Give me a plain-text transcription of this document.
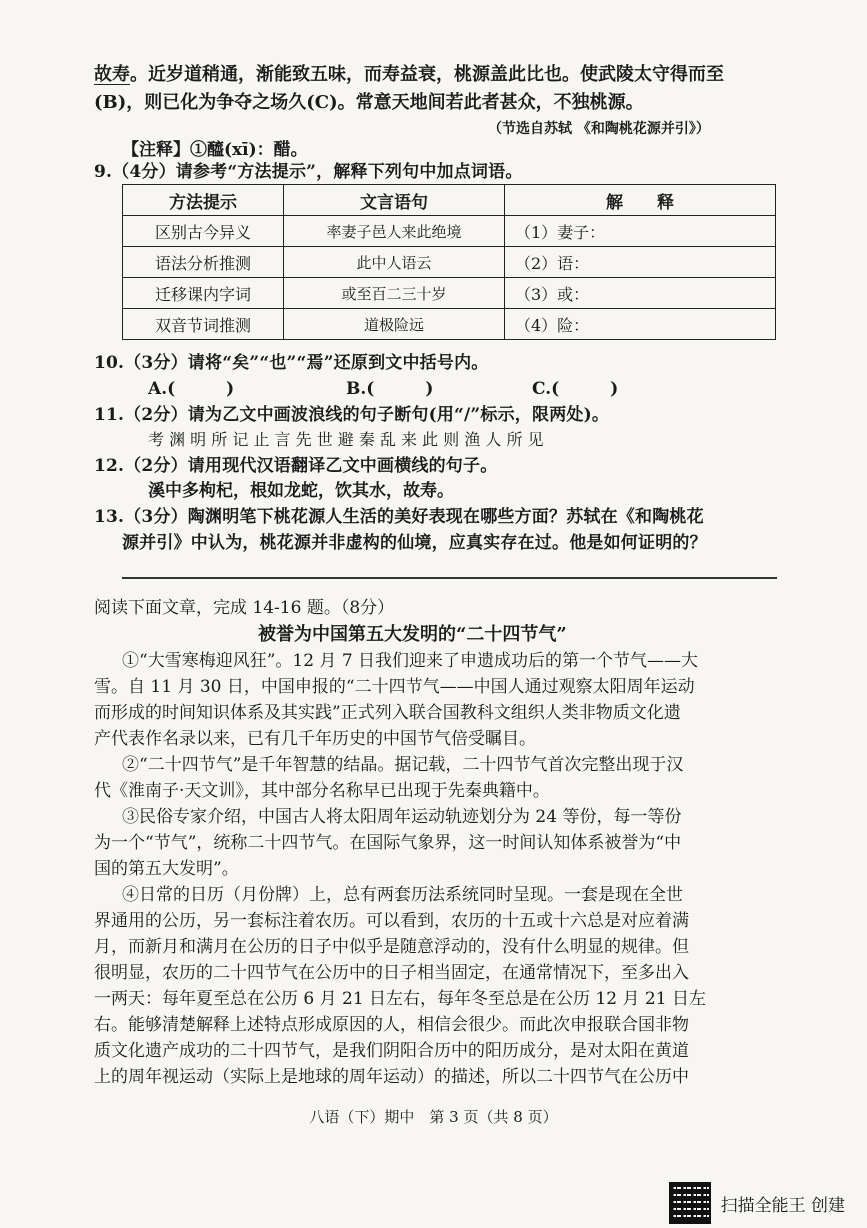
故寿。近岁道稍通，渐能致五味，而寿益衰，桃源盖此比也。使武陵太守得而至
(B)，则已化为争夺之场久(C)。常意天地间若此者甚众，不独桃源。
（节选自苏轼 《和陶桃花源并引》）
【注释】①醯(xī)：醋。
9.（4分）请参考“方法提示”，解释下列句中加点词语。
方法提示	文言语句	解　　释
区别古今异义	率妻子邑人来此绝境	（1）妻子：
语法分析推测	此中人语云	（2）语：
迁移课内字词	或至百二三十岁	（3）或：
双音节词推测	道极险远	（4）险：
10.（3分）请将“矣”“也”“焉”还原到文中括号内。
A.(　　　)	B.(　　　)	C.(　　　)
11.（2分）请为乙文中画波浪线的句子断句(用“/”标示，限两处)。
考 渊 明 所 记 止 言 先 世 避 秦 乱 来 此 则 渔 人 所 见
12.（2分）请用现代汉语翻译乙文中画横线的句子。
溪中多枸杞，根如龙蛇，饮其水，故寿。
13.（3分）陶渊明笔下桃花源人生活的美好表现在哪些方面？苏轼在《和陶桃花
源并引》中认为，桃花源并非虚构的仙境，应真实存在过。他是如何证明的？
阅读下面文章，完成 14-16 题。（8分）
被誉为中国第五大发明的“二十四节气”
①“大雪寒梅迎风狂”。12 月 7 日我们迎来了申遗成功后的第一个节气——大
雪。自 11 月 30 日，中国申报的“二十四节气——中国人通过观察太阳周年运动
而形成的时间知识体系及其实践”正式列入联合国教科文组织人类非物质文化遗
产代表作名录以来，已有几千年历史的中国节气倍受瞩目。
②“二十四节气”是千年智慧的结晶。据记载，二十四节气首次完整出现于汉
代《淮南子·天文训》，其中部分名称早已出现于先秦典籍中。
③民俗专家介绍，中国古人将太阳周年运动轨迹划分为 24 等份，每一等份
为一个“节气”，统称二十四节气。在国际气象界，这一时间认知体系被誉为“中
国的第五大发明”。
④日常的日历（月份牌）上，总有两套历法系统同时呈现。一套是现在全世
界通用的公历，另一套标注着农历。可以看到，农历的十五或十六总是对应着满
月，而新月和满月在公历的日子中似乎是随意浮动的，没有什么明显的规律。但
很明显，农历的二十四节气在公历中的日子相当固定，在通常情况下，至多出入
一两天：每年夏至总在公历 6 月 21 日左右，每年冬至总是在公历 12 月 21 日左
右。能够清楚解释上述特点形成原因的人，相信会很少。而此次申报联合国非物
质文化遗产成功的二十四节气，是我们阴阳合历中的阳历成分，是对太阳在黄道
上的周年视运动（实际上是地球的周年运动）的描述，所以二十四节气在公历中
八语（下）期中　第 3 页（共 8 页）
扫描全能王 创建
